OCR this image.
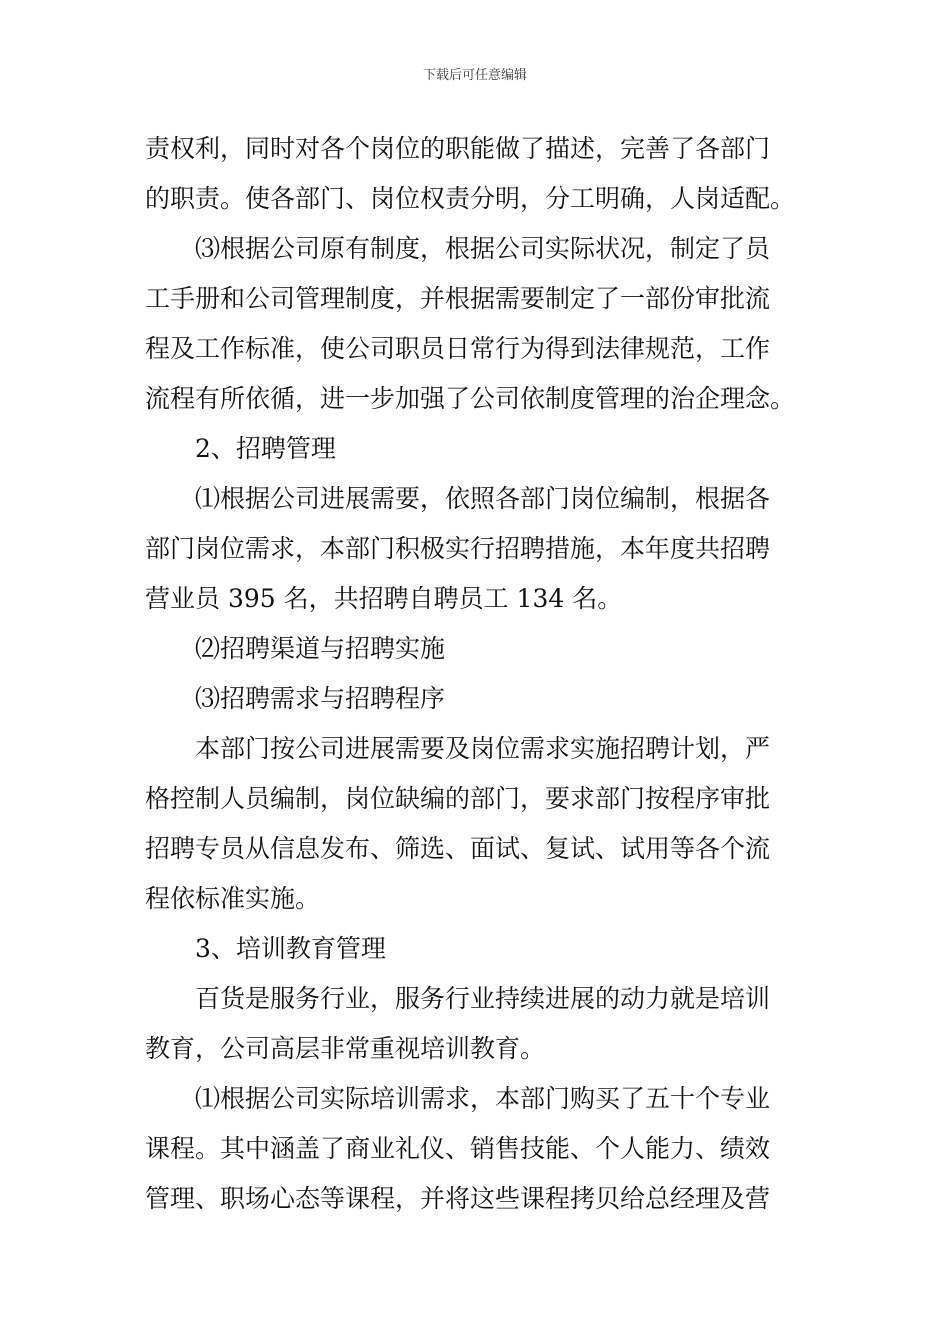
下载后可任意编辑
责权利，同时对各个岗位的职能做了描述，完善了各部门
的职责。使各部门、岗位权责分明，分工明确，人岗适配。
⑶根据公司原有制度，根据公司实际状况，制定了员
工手册和公司管理制度，并根据需要制定了一部份审批流
程及工作标准，使公司职员日常行为得到法律规范，工作
流程有所依循，进一步加强了公司依制度管理的治企理念。
2、招聘管理
⑴根据公司进展需要，依照各部门岗位编制，根据各
部门岗位需求，本部门积极实行招聘措施，本年度共招聘
营业员 395 名，共招聘自聘员工 134 名。
⑵招聘渠道与招聘实施
⑶招聘需求与招聘程序
本部门按公司进展需要及岗位需求实施招聘计划，严
格控制人员编制，岗位缺编的部门，要求部门按程序审批
招聘专员从信息发布、筛选、面试、复试、试用等各个流
程依标准实施。
3、培训教育管理
百货是服务行业，服务行业持续进展的动力就是培训
教育，公司高层非常重视培训教育。
⑴根据公司实际培训需求，本部门购买了五十个专业
课程。其中涵盖了商业礼仪、销售技能、个人能力、绩效
管理、职场心态等课程，并将这些课程拷贝给总经理及营
